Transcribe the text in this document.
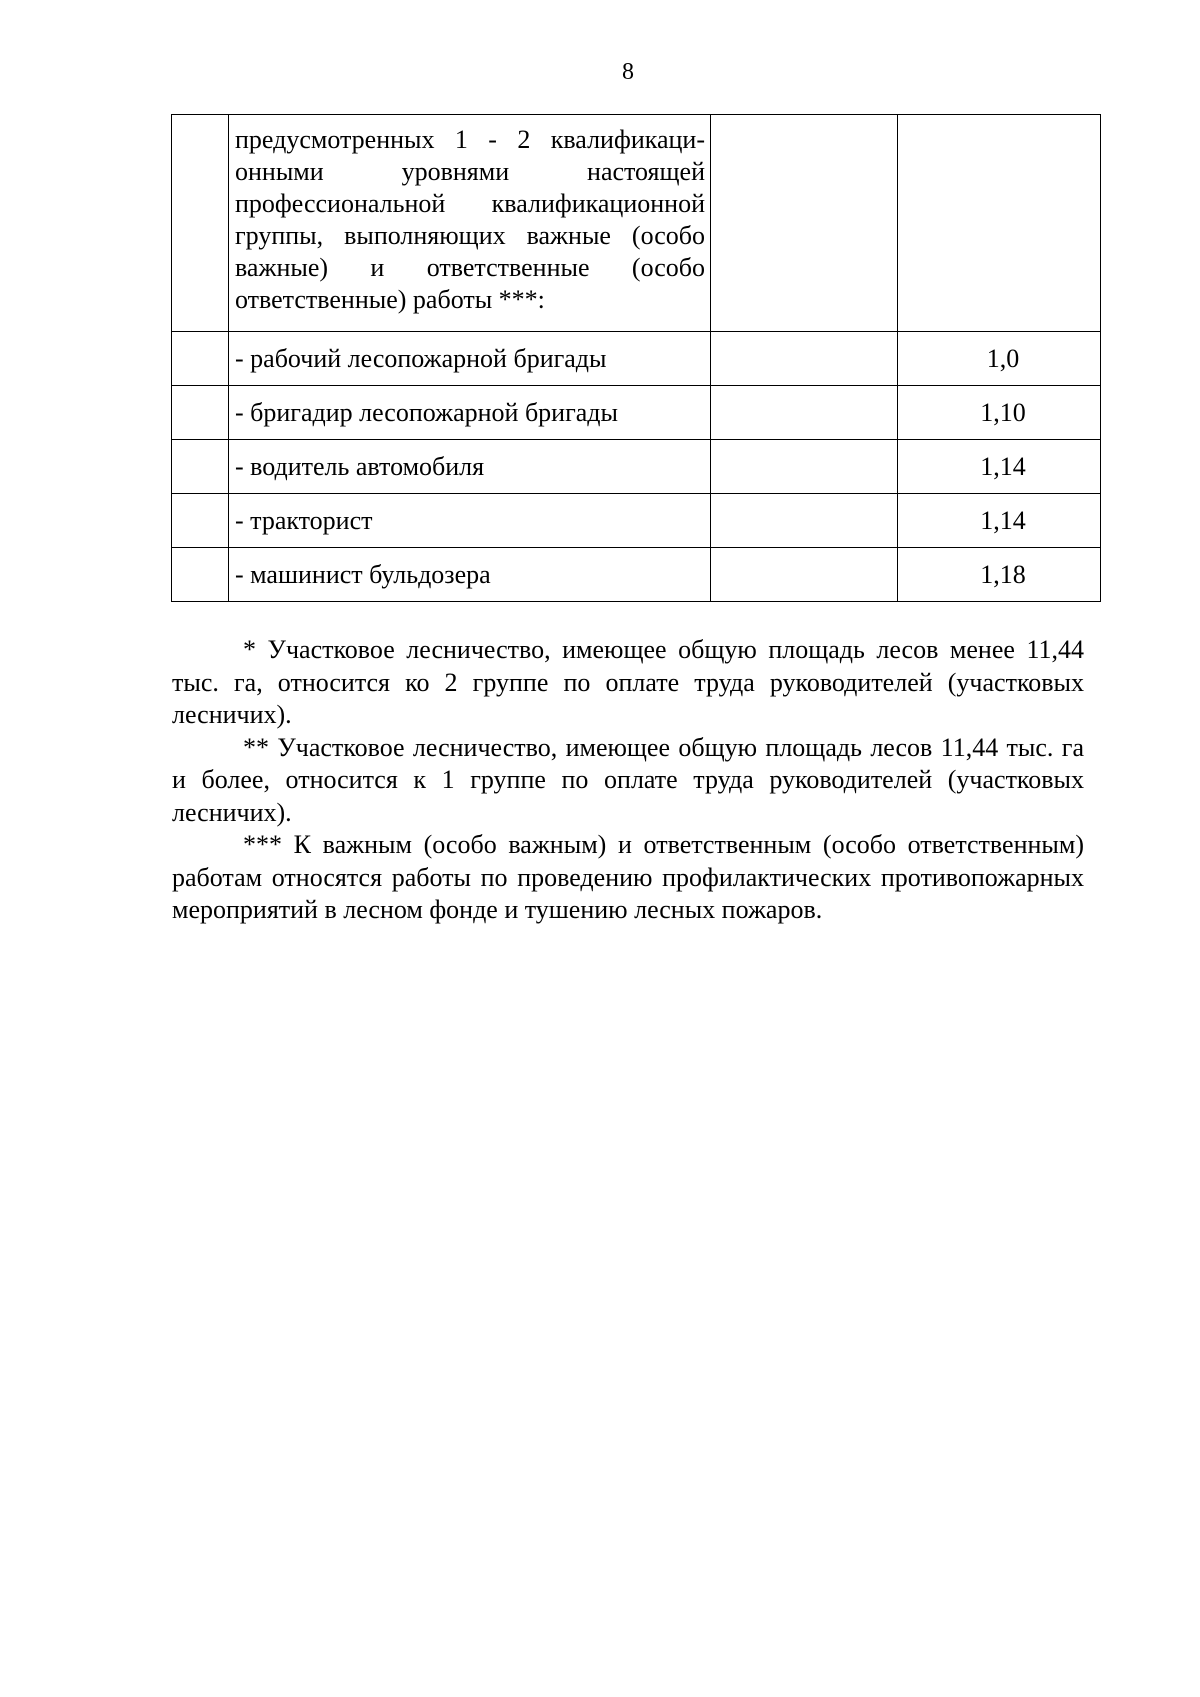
8

	предусмотренных 1 - 2 квалификаци-онными уровнями настоящей профессиональной квалификационной группы, выполняющих важные (особо важные) и ответственные (особо ответственные) работы ***:		

	- рабочий лесопожарной бригады		1,0

	- бригадир лесопожарной бригады		1,10

	- водитель автомобиля		1,14

	- тракторист		1,14

	- машинист бульдозера		1,18

* Участковое лесничество, имеющее общую площадь лесов менее 11,44 тыс. га, относится ко 2 группе по оплате труда руководителей (участковых лесничих).

** Участковое лесничество, имеющее общую площадь лесов 11,44 тыс. га и более, относится к 1 группе по оплате труда руководителей (участковых лесничих).

*** К важным (особо важным) и ответственным (особо ответственным) работам относятся работы по проведению профилактических противопожарных мероприятий в лесном фонде и тушению лесных пожаров.
